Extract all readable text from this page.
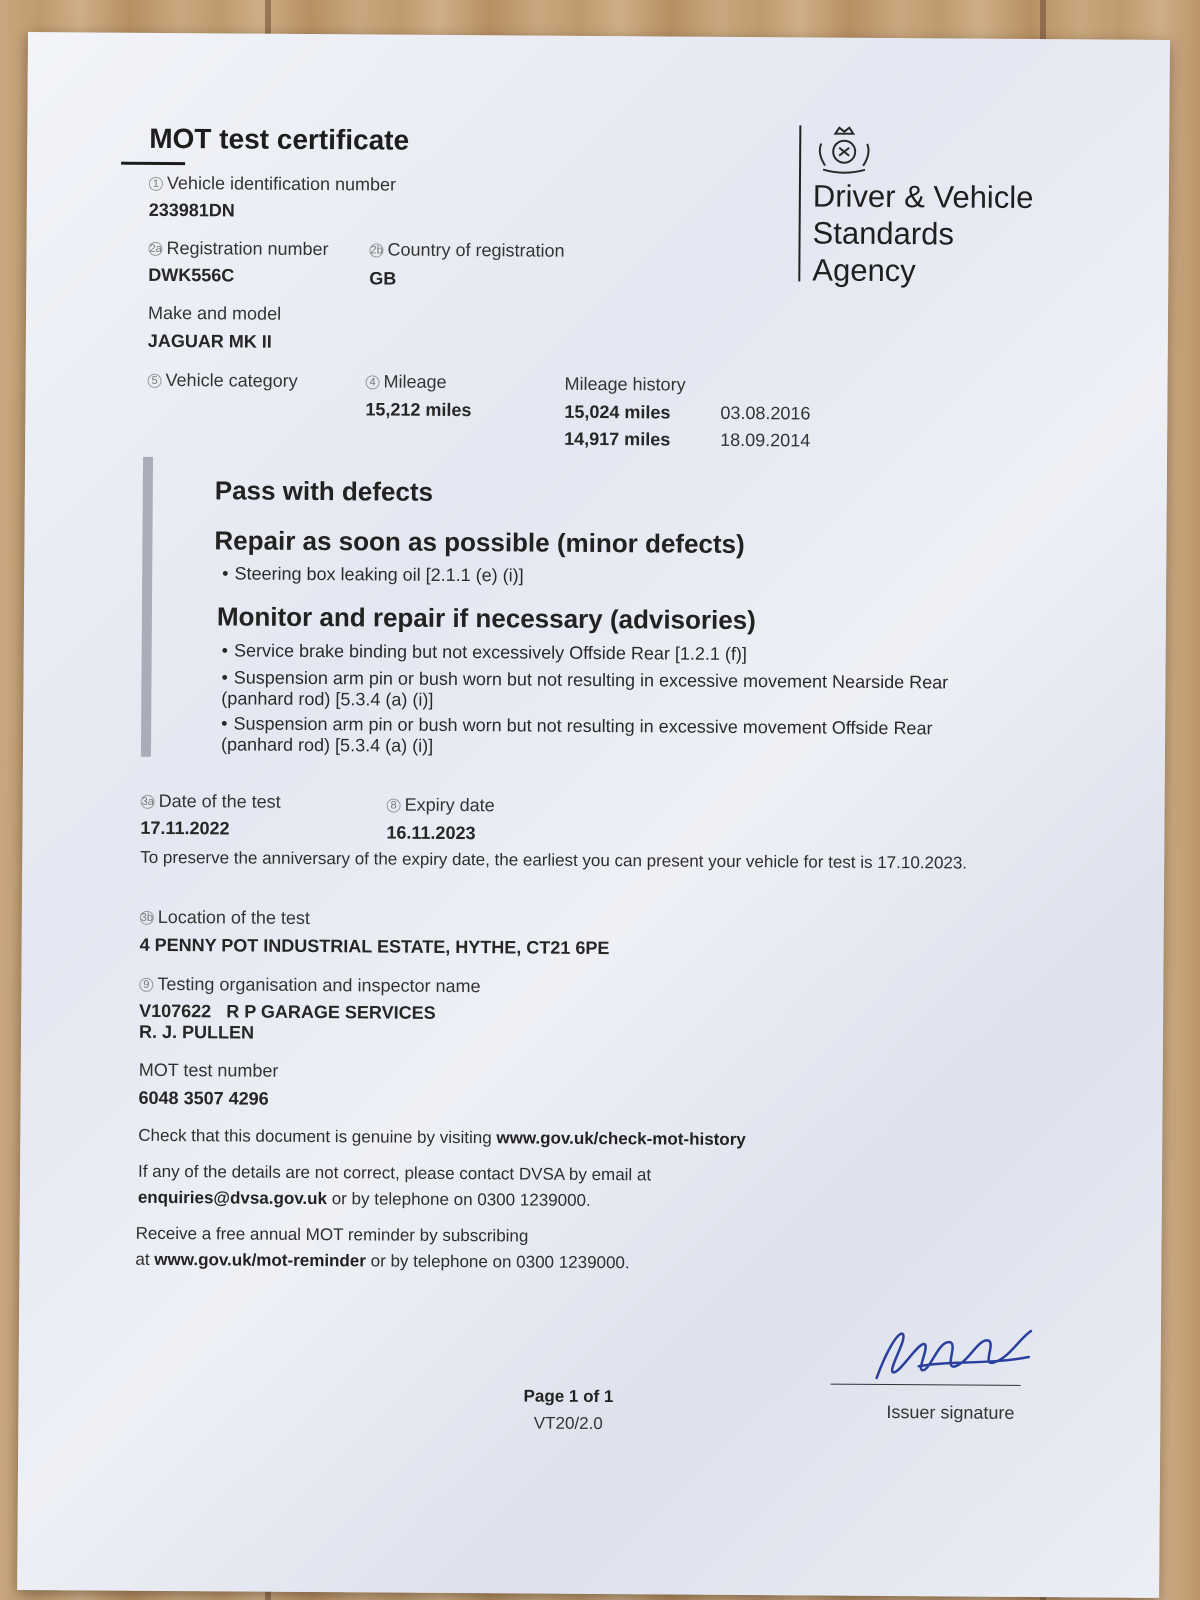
MOT test certificate
Driver & Vehicle
Standards
Agency
1 Vehicle identification number
233981DN
2a Registration number
DWK556C
2b Country of registration
GB
Make and model
JAGUAR MK II
5 Vehicle category	4 Mileage
15,212 miles
Mileage history
15,024 miles	03.08.2016
14,917 miles	18.09.2014
Pass with defects
Repair as soon as possible (minor defects)
• Steering box leaking oil [2.1.1 (e) (i)]
Monitor and repair if necessary (advisories)
• Service brake binding but not excessively Offside Rear [1.2.1 (f)]
• Suspension arm pin or bush worn but not resulting in excessive movement Nearside Rear (panhard rod) [5.3.4 (a) (i)]
• Suspension arm pin or bush worn but not resulting in excessive movement Offside Rear (panhard rod) [5.3.4 (a) (i)]
3a Date of the test
17.11.2022
8 Expiry date
16.11.2023
To preserve the anniversary of the expiry date, the earliest you can present your vehicle for test is 17.10.2023.
3b Location of the test
4 PENNY POT INDUSTRIAL ESTATE, HYTHE, CT21 6PE
9 Testing organisation and inspector name
V107622   R P GARAGE SERVICES
R. J. PULLEN
MOT test number
6048 3507 4296
Check that this document is genuine by visiting www.gov.uk/check-mot-history
If any of the details are not correct, please contact DVSA by email at
enquiries@dvsa.gov.uk or by telephone on 0300 1239000.
Receive a free annual MOT reminder by subscribing
at www.gov.uk/mot-reminder or by telephone on 0300 1239000.
Page 1 of 1
VT20/2.0
Issuer signature
